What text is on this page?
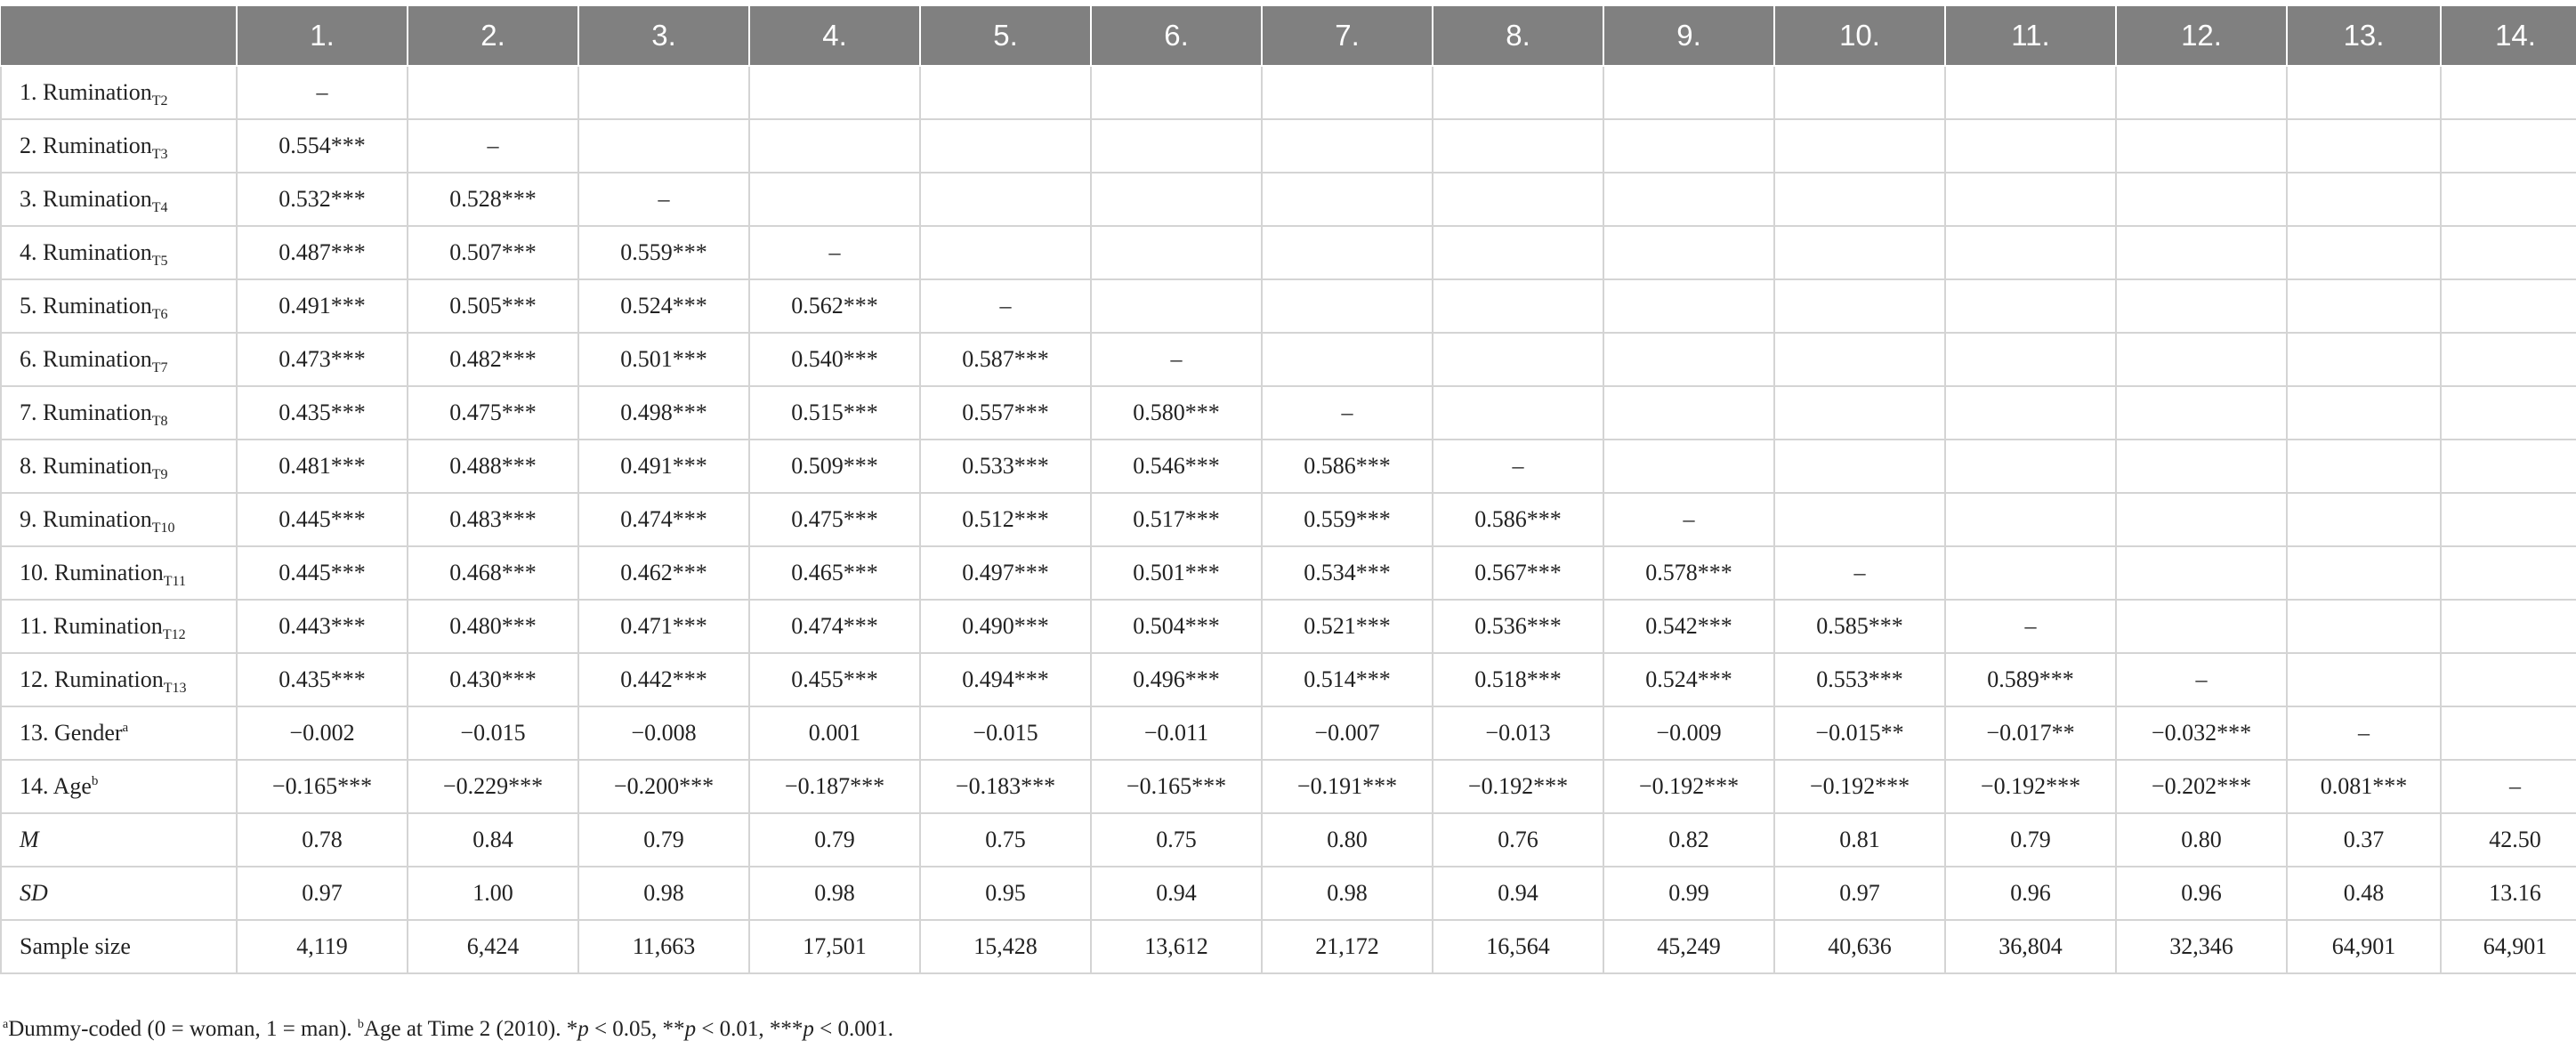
	1.	2.	3.	4.	5.	6.	7.	8.	9.	10.	11.	12.	13.	14.
1. Rumination$_{T2}$	–													
2. Rumination$_{T3}$	0.554***	–												
3. Rumination$_{T4}$	0.532***	0.528***	–											
4. Rumination$_{T5}$	0.487***	0.507***	0.559***	–										
5. Rumination$_{T6}$	0.491***	0.505***	0.524***	0.562***	–									
6. Rumination$_{T7}$	0.473***	0.482***	0.501***	0.540***	0.587***	–								
7. Rumination$_{T8}$	0.435***	0.475***	0.498***	0.515***	0.557***	0.580***	–							
8. Rumination$_{T9}$	0.481***	0.488***	0.491***	0.509***	0.533***	0.546***	0.586***	–						
9. Rumination$_{T10}$	0.445***	0.483***	0.474***	0.475***	0.512***	0.517***	0.559***	0.586***	–					
10. Rumination$_{T11}$	0.445***	0.468***	0.462***	0.465***	0.497***	0.501***	0.534***	0.567***	0.578***	–				
11. Rumination$_{T12}$	0.443***	0.480***	0.471***	0.474***	0.490***	0.504***	0.521***	0.536***	0.542***	0.585***	–			
12. Rumination$_{T13}$	0.435***	0.430***	0.442***	0.455***	0.494***	0.496***	0.514***	0.518***	0.524***	0.553***	0.589***	–		
13. Gender$^a$	−0.002	−0.015	−0.008	0.001	−0.015	−0.011	−0.007	−0.013	−0.009	−0.015**	−0.017**	−0.032***	–	
14. Age$^b$	−0.165***	−0.229***	−0.200***	−0.187***	−0.183***	−0.165***	−0.191***	−0.192***	−0.192***	−0.192***	−0.192***	−0.202***	0.081***	–
M	0.78	0.84	0.79	0.79	0.75	0.75	0.80	0.76	0.82	0.81	0.79	0.80	0.37	42.50
SD	0.97	1.00	0.98	0.98	0.95	0.94	0.98	0.94	0.99	0.97	0.96	0.96	0.48	13.16
Sample size	4,119	6,424	11,663	17,501	15,428	13,612	21,172	16,564	45,249	40,636	36,804	32,346	64,901	64,901
$^a$Dummy-coded (0 = woman, 1 = man). $^b$Age at Time 2 (2010). *p < 0.05, **p < 0.01, ***p < 0.001.
